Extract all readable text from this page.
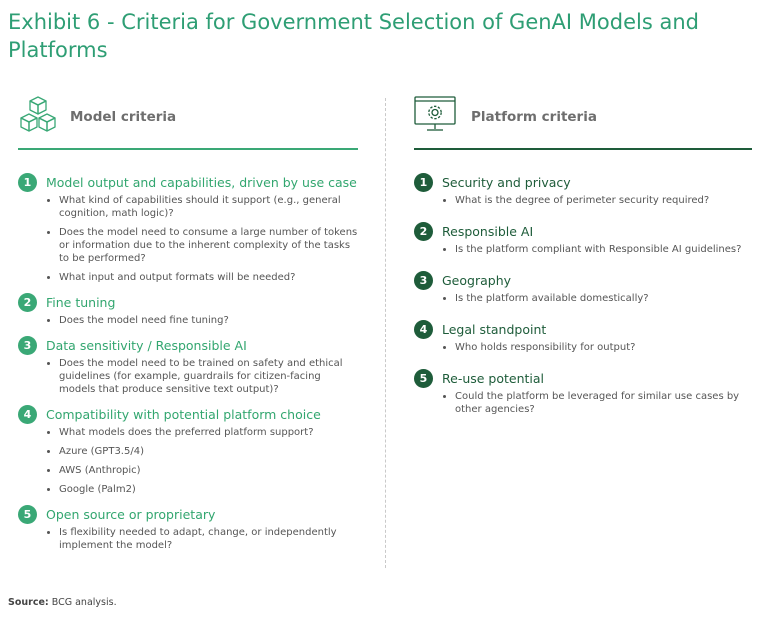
Exhibit 6 - Criteria for Government Selection of GenAI Models and Platforms
Model criteria
1	Model output and capabilities, driven by use case
What kind of capabilities should it support (e.g., general cognition, math logic)?
Does the model need to consume a large number of tokens or information due to the inherent complexity of the tasks to be performed?
What input and output formats will be needed?
2	Fine tuning
Does the model need fine tuning?
3	Data sensitivity / Responsible AI
Does the model need to be trained on safety and ethical guidelines (for example, guardrails for citizen-facing models that produce sensitive text output)?
4	Compatibility with potential platform choice
What models does the preferred platform support?
Azure (GPT3.5/4)
AWS (Anthropic)
Google (Palm2)
5	Open source or proprietary
Is flexibility needed to adapt, change, or independently implement the model?
Platform criteria
1	Security and privacy
What is the degree of perimeter security required?
2	Responsible AI
Is the platform compliant with Responsible AI guidelines?
3	Geography
Is the platform available domestically?
4	Legal standpoint
Who holds responsibility for output?
5	Re-use potential
Could the platform be leveraged for similar use cases by other agencies?
Source: BCG analysis.
